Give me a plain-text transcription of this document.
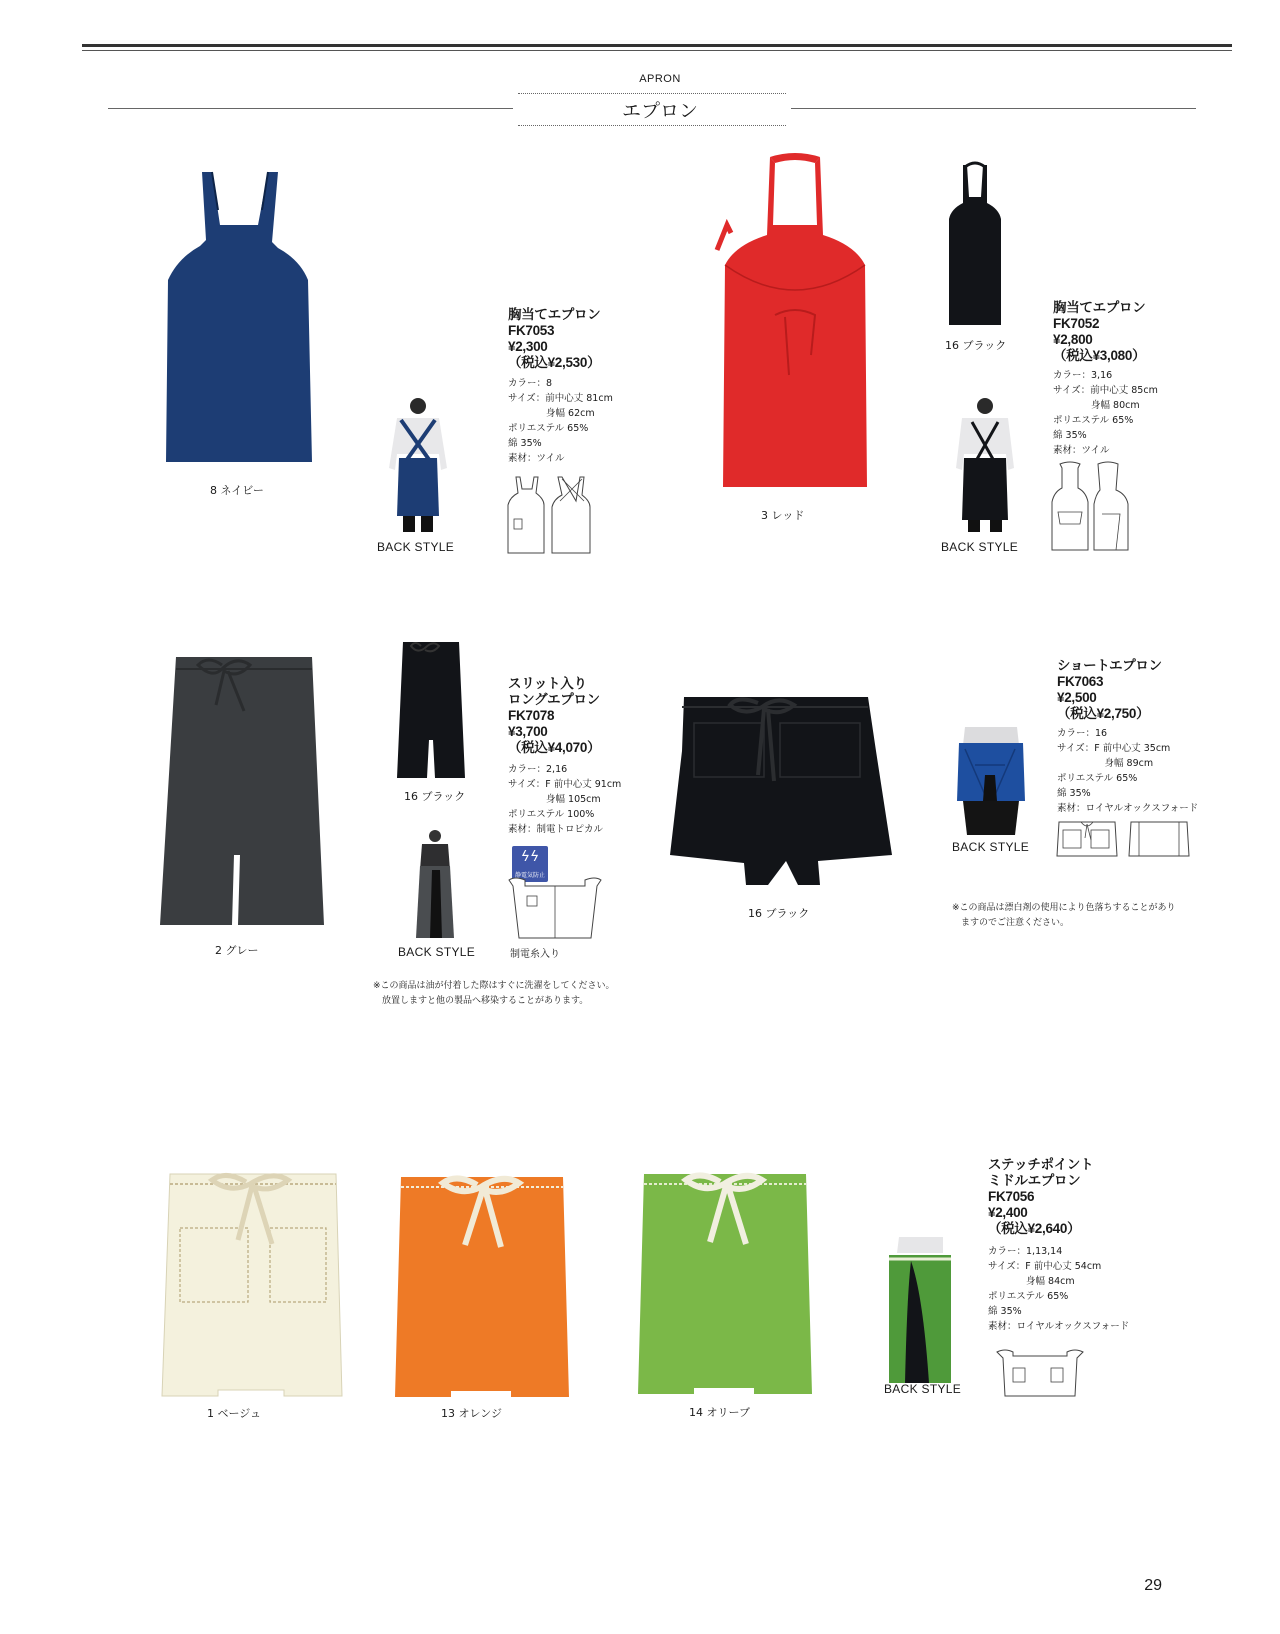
APRON
エプロン
8 ネイビー
BACK STYLE
胸当てエプロン
FK7053
¥2,300
（税込¥2,530）
カラー：8
サイズ：前中心丈 81cm
　　　　身幅 62cm
ポリエステル 65%
綿 35%
素材：ツイル
3 レッド
16 ブラック
BACK STYLE
胸当てエプロン
FK7052
¥2,800
（税込¥3,080）
カラー：3,16
サイズ：前中心丈 85cm
　　　　身幅 80cm
ポリエステル 65%
綿 35%
素材：ツイル
2 グレー
16 ブラック
BACK STYLE
スリット入り
ロングエプロン
FK7078
¥3,700
（税込¥4,070）
カラー：2,16
サイズ：F 前中心丈 91cm
　　　　身幅 105cm
ポリエステル 100%
素材：制電トロピカル
ϟϟ
静電気防止
制電糸入り
※この商品は油が付着した際はすぐに洗濯をしてください。
　放置しますと他の製品へ移染することがあります。
16 ブラック
BACK STYLE
ショートエプロン
FK7063
¥2,500
（税込¥2,750）
カラー：16
サイズ：F 前中心丈 35cm
　　　　　身幅 89cm
ポリエステル 65%
綿 35%
素材：ロイヤルオックスフォード
※この商品は漂白剤の使用により色落ちすることがあり
　ますのでご注意ください。
1 ベージュ	13 オレンジ	14 オリーブ
BACK STYLE
ステッチポイント
ミドルエプロン
FK7056
¥2,400
（税込¥2,640）
カラー：1,13,14
サイズ：F 前中心丈 54cm
　　　　身幅 84cm
ポリエステル 65%
綿 35%
素材：ロイヤルオックスフォード
29
